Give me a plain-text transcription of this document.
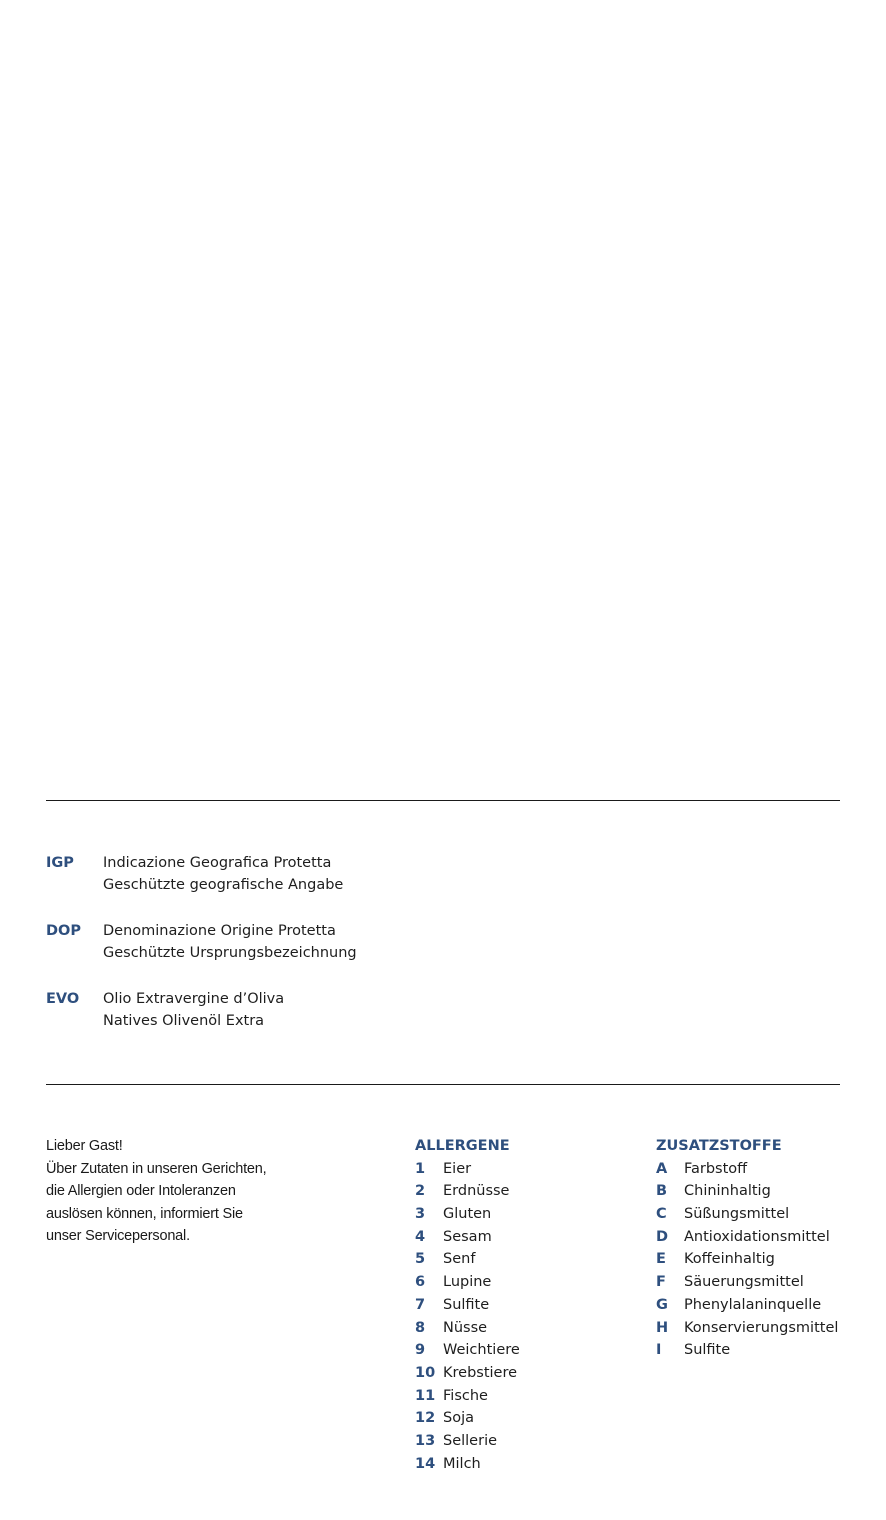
IGP Indicazione Geografica Protetta
Geschützte geografische Angabe
DOP Denominazione Origine Protetta
Geschützte Ursprungsbezeichnung
EVO Olio Extravergine d’Oliva
Natives Olivenöl Extra
Lieber Gast!
Über Zutaten in unseren Gerichten,
die Allergien oder Intoleranzen
auslösen können, informiert Sie
unser Servicepersonal.
ALLERGENE
1 Eier
2 Erdnüsse
3 Gluten
4 Sesam
5 Senf
6 Lupine
7 Sulfite
8 Nüsse
9 Weichtiere
10 Krebstiere
11 Fische
12 Soja
13 Sellerie
14 Milch
ZUSATZSTOFFE
A Farbstoff
B Chininhaltig
C Süßungsmittel
D Antioxidationsmittel
E Koffeinhaltig
F Säuerungsmittel
G Phenylalaninquelle
H Konservierungsmittel
I Sulfite
